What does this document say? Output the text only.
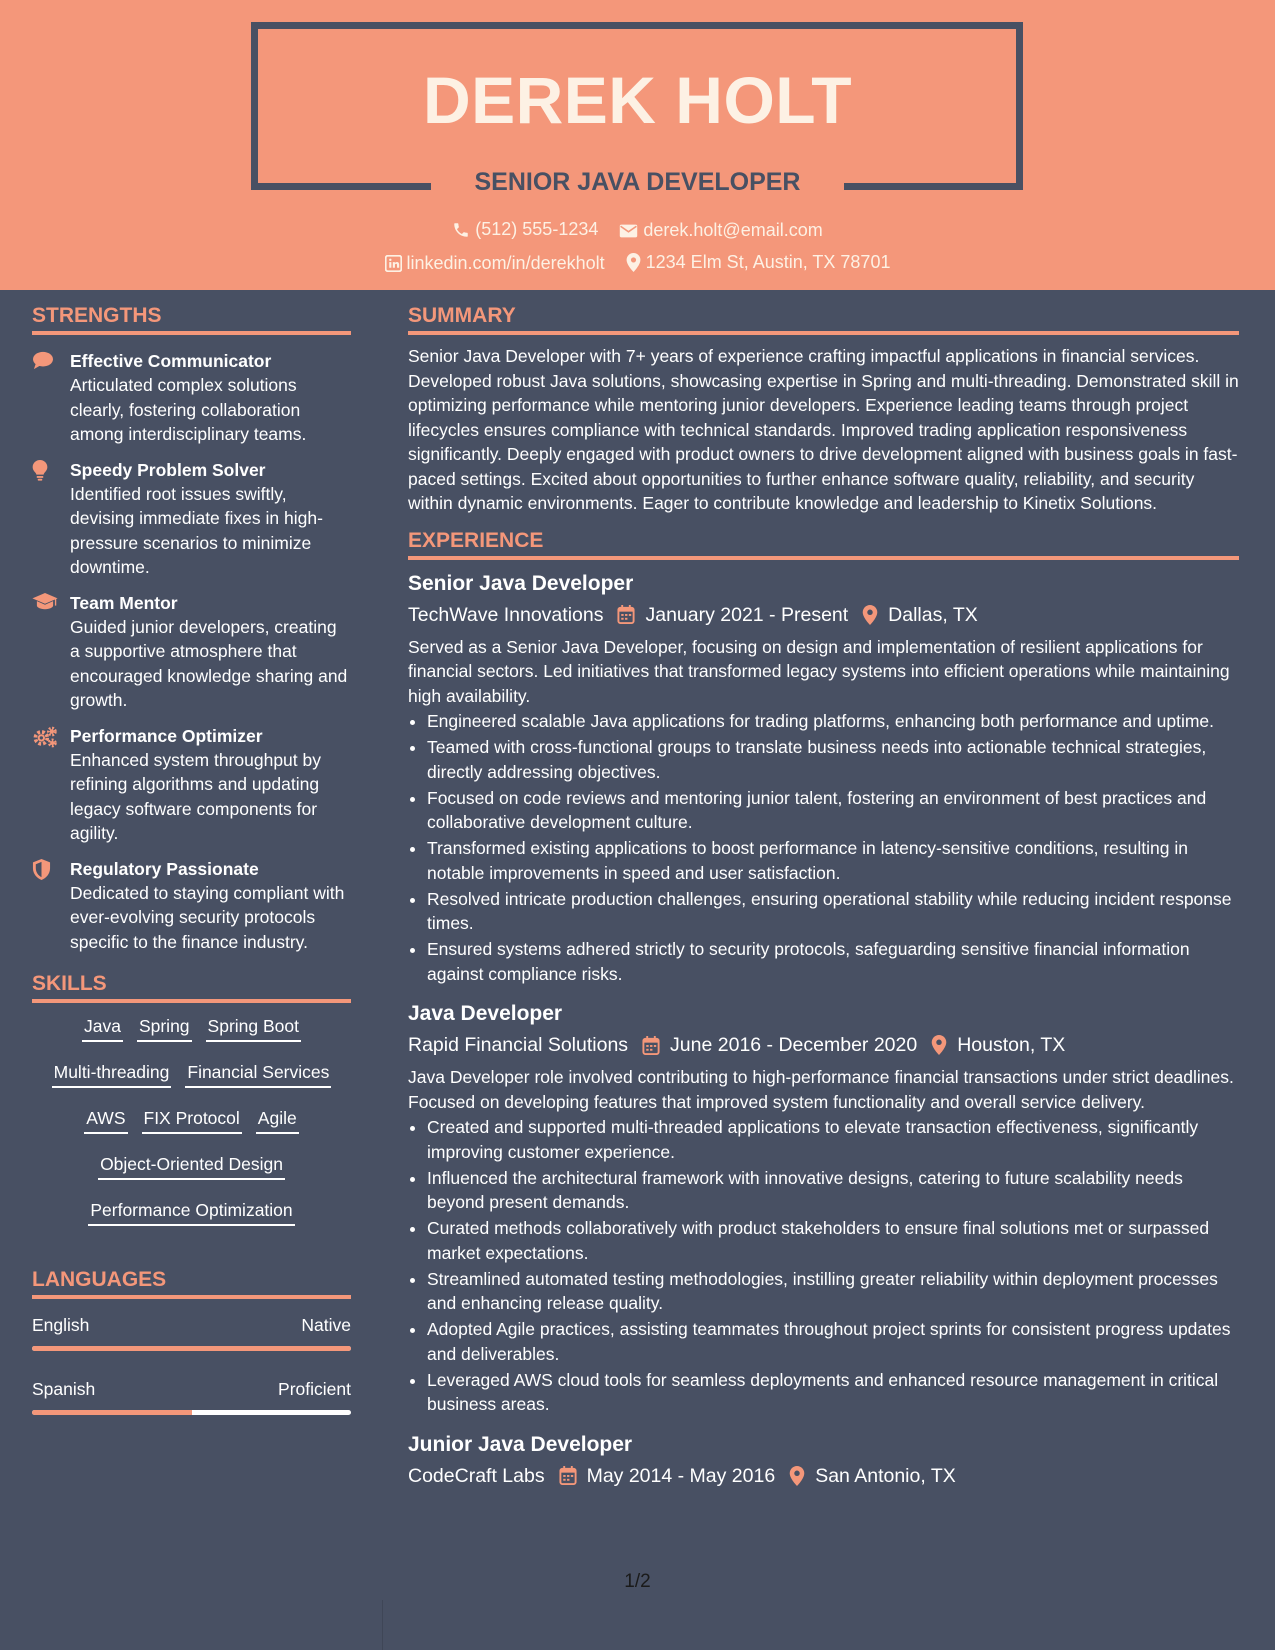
DEREK HOLT
SENIOR JAVA DEVELOPER
(512) 555-1234
	derek.holt@email.com
linkedin.com/in/derekholt
1234 Elm St, Austin, TX 78701
STRENGTHS
Effective Communicator
Articulated complex solutions clearly, fostering collaboration among interdisciplinary teams.
Speedy Problem Solver
Identified root issues swiftly, devising immediate fixes in high-pressure scenarios to minimize downtime.
Team Mentor
Guided junior developers, creating a supportive atmosphere that encouraged knowledge sharing and growth.
Performance Optimizer
Enhanced system throughput by refining algorithms and updating legacy software components for agility.
Regulatory Passionate
Dedicated to staying compliant with ever-evolving security protocols specific to the finance industry.
SKILLS
Java Spring Spring Boot
Multi-threading Financial Services
AWS FIX Protocol Agile
Object-Oriented Design
Performance Optimization
LANGUAGES
English	Native
Spanish	Proficient
SUMMARY
Senior Java Developer with 7+ years of experience crafting impactful applications in financial services. Developed robust Java solutions, showcasing expertise in Spring and multi-threading. Demonstrated skill in optimizing performance while mentoring junior developers. Experience leading teams through project lifecycles ensures compliance with technical standards. Improved trading application responsiveness significantly. Deeply engaged with product owners to drive development aligned with business goals in fast-paced settings. Excited about opportunities to further enhance software quality, reliability, and security within dynamic environments. Eager to contribute knowledge and leadership to Kinetix Solutions.
EXPERIENCE
Senior Java Developer
TechWave Innovations January 2021 - Present Dallas, TX
Served as a Senior Java Developer, focusing on design and implementation of resilient applications for financial sectors. Led initiatives that transformed legacy systems into efficient operations while maintaining high availability.
• Engineered scalable Java applications for trading platforms, enhancing both performance and uptime.
• Teamed with cross-functional groups to translate business needs into actionable technical strategies, directly addressing objectives.
• Focused on code reviews and mentoring junior talent, fostering an environment of best practices and collaborative development culture.
• Transformed existing applications to boost performance in latency-sensitive conditions, resulting in notable improvements in speed and user satisfaction.
• Resolved intricate production challenges, ensuring operational stability while reducing incident response times.
• Ensured systems adhered strictly to security protocols, safeguarding sensitive financial information against compliance risks.
Java Developer
Rapid Financial Solutions June 2016 - December 2020 Houston, TX
Java Developer role involved contributing to high-performance financial transactions under strict deadlines. Focused on developing features that improved system functionality and overall service delivery.
• Created and supported multi-threaded applications to elevate transaction effectiveness, significantly improving customer experience.
• Influenced the architectural framework with innovative designs, catering to future scalability needs beyond present demands.
• Curated methods collaboratively with product stakeholders to ensure final solutions met or surpassed market expectations.
• Streamlined automated testing methodologies, instilling greater reliability within deployment processes and enhancing release quality.
• Adopted Agile practices, assisting teammates throughout project sprints for consistent progress updates and deliverables.
• Leveraged AWS cloud tools for seamless deployments and enhanced resource management in critical business areas.
Junior Java Developer
CodeCraft Labs May 2014 - May 2016 San Antonio, TX
1/2
